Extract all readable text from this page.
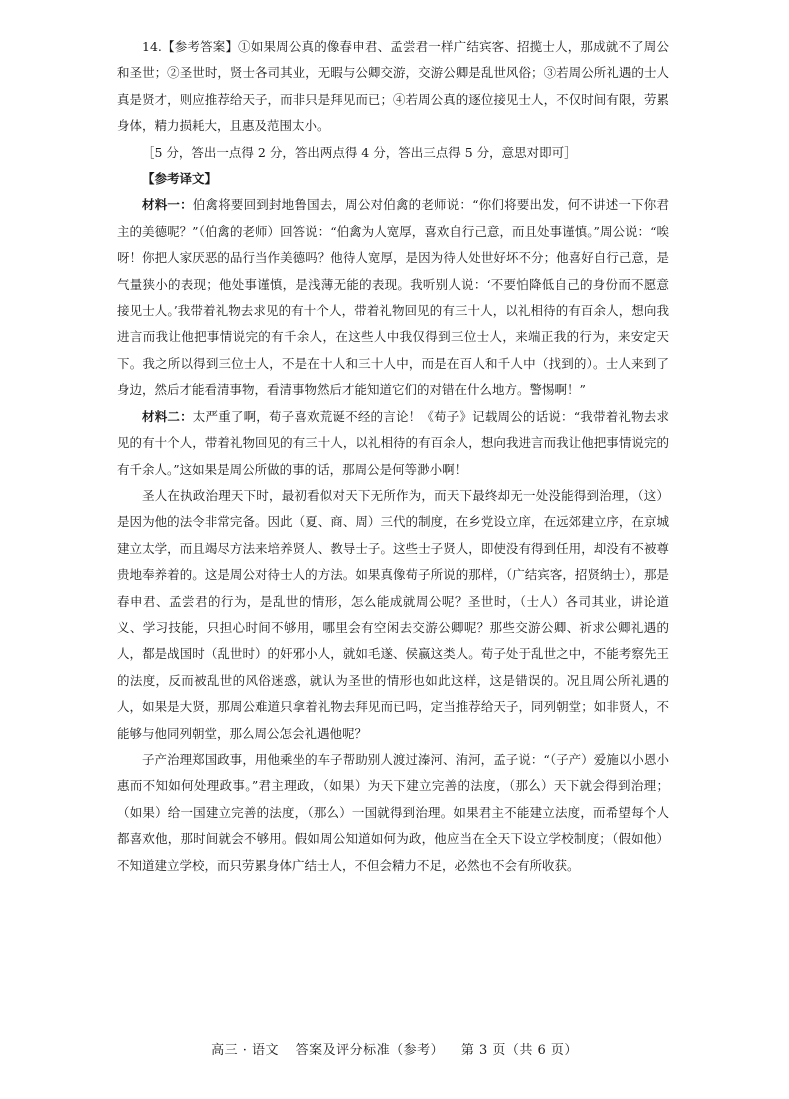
14.【参考答案】①如果周公真的像春申君、孟尝君一样广结宾客、招揽士人，那成就不了周公和圣世；②圣世时，贤士各司其业，无暇与公卿交游，交游公卿是乱世风俗；③若周公所礼遇的士人真是贤才，则应推荐给天子，而非只是拜见而已；④若周公真的逐位接见士人，不仅时间有限，劳累身体，精力损耗大，且惠及范围太小。

［5 分，答出一点得 2 分，答出两点得 4 分，答出三点得 5 分，意思对即可］

【参考译文】

材料一：伯禽将要回到封地鲁国去，周公对伯禽的老师说：“你们将要出发，何不讲述一下你君主的美德呢？”（伯禽的老师）回答说：“伯禽为人宽厚，喜欢自行己意，而且处事谨慎。”周公说：“唉呀！你把人家厌恶的品行当作美德吗？他待人宽厚，是因为待人处世好坏不分；他喜好自行己意，是气量狭小的表现；他处事谨慎，是浅薄无能的表现。我听别人说：‘不要怕降低自己的身份而不愿意接见士人。’我带着礼物去求见的有十个人，带着礼物回见的有三十人，以礼相待的有百余人，想向我进言而我让他把事情说完的有千余人，在这些人中我仅得到三位士人，来端正我的行为，来安定天下。我之所以得到三位士人，不是在十人和三十人中，而是在百人和千人中（找到的）。士人来到了身边，然后才能看清事物，看清事物然后才能知道它们的对错在什么地方。警惕啊！”

材料二：太严重了啊，荀子喜欢荒诞不经的言论！《荀子》记载周公的话说：“我带着礼物去求见的有十个人，带着礼物回见的有三十人，以礼相待的有百余人，想向我进言而我让他把事情说完的有千余人。”这如果是周公所做的事的话，那周公是何等渺小啊！

圣人在执政治理天下时，最初看似对天下无所作为，而天下最终却无一处没能得到治理，（这）是因为他的法令非常完备。因此（夏、商、周）三代的制度，在乡党设立庠，在远郊建立序，在京城建立太学，而且竭尽方法来培养贤人、教导士子。这些士子贤人，即使没有得到任用，却没有不被尊贵地奉养着的。这是周公对待士人的方法。如果真像荀子所说的那样，（广结宾客，招贤纳士），那是春申君、孟尝君的行为，是乱世的情形，怎么能成就周公呢？圣世时，（士人）各司其业，讲论道义、学习技能，只担心时间不够用，哪里会有空闲去交游公卿呢？那些交游公卿、祈求公卿礼遇的人，都是战国时（乱世时）的奸邪小人，就如毛遂、侯嬴这类人。荀子处于乱世之中，不能考察先王的法度，反而被乱世的风俗迷惑，就认为圣世的情形也如此这样，这是错误的。况且周公所礼遇的人，如果是大贤，那周公难道只拿着礼物去拜见而已吗，定当推荐给天子，同列朝堂；如非贤人，不能够与他同列朝堂，那么周公怎会礼遇他呢？

子产治理郑国政事，用他乘坐的车子帮助别人渡过溱河、洧河，孟子说：“（子产）爱施以小恩小惠而不知如何处理政事。”君主理政，（如果）为天下建立完善的法度，（那么）天下就会得到治理；（如果）给一国建立完善的法度，（那么）一国就得到治理。如果君主不能建立法度，而希望每个人都喜欢他，那时间就会不够用。假如周公知道如何为政，他应当在全天下设立学校制度；（假如他）不知道建立学校，而只劳累身体广结士人，不但会精力不足，必然也不会有所收获。

高三 · 语文 答案及评分标准（参考） 第 3 页（共 6 页）
